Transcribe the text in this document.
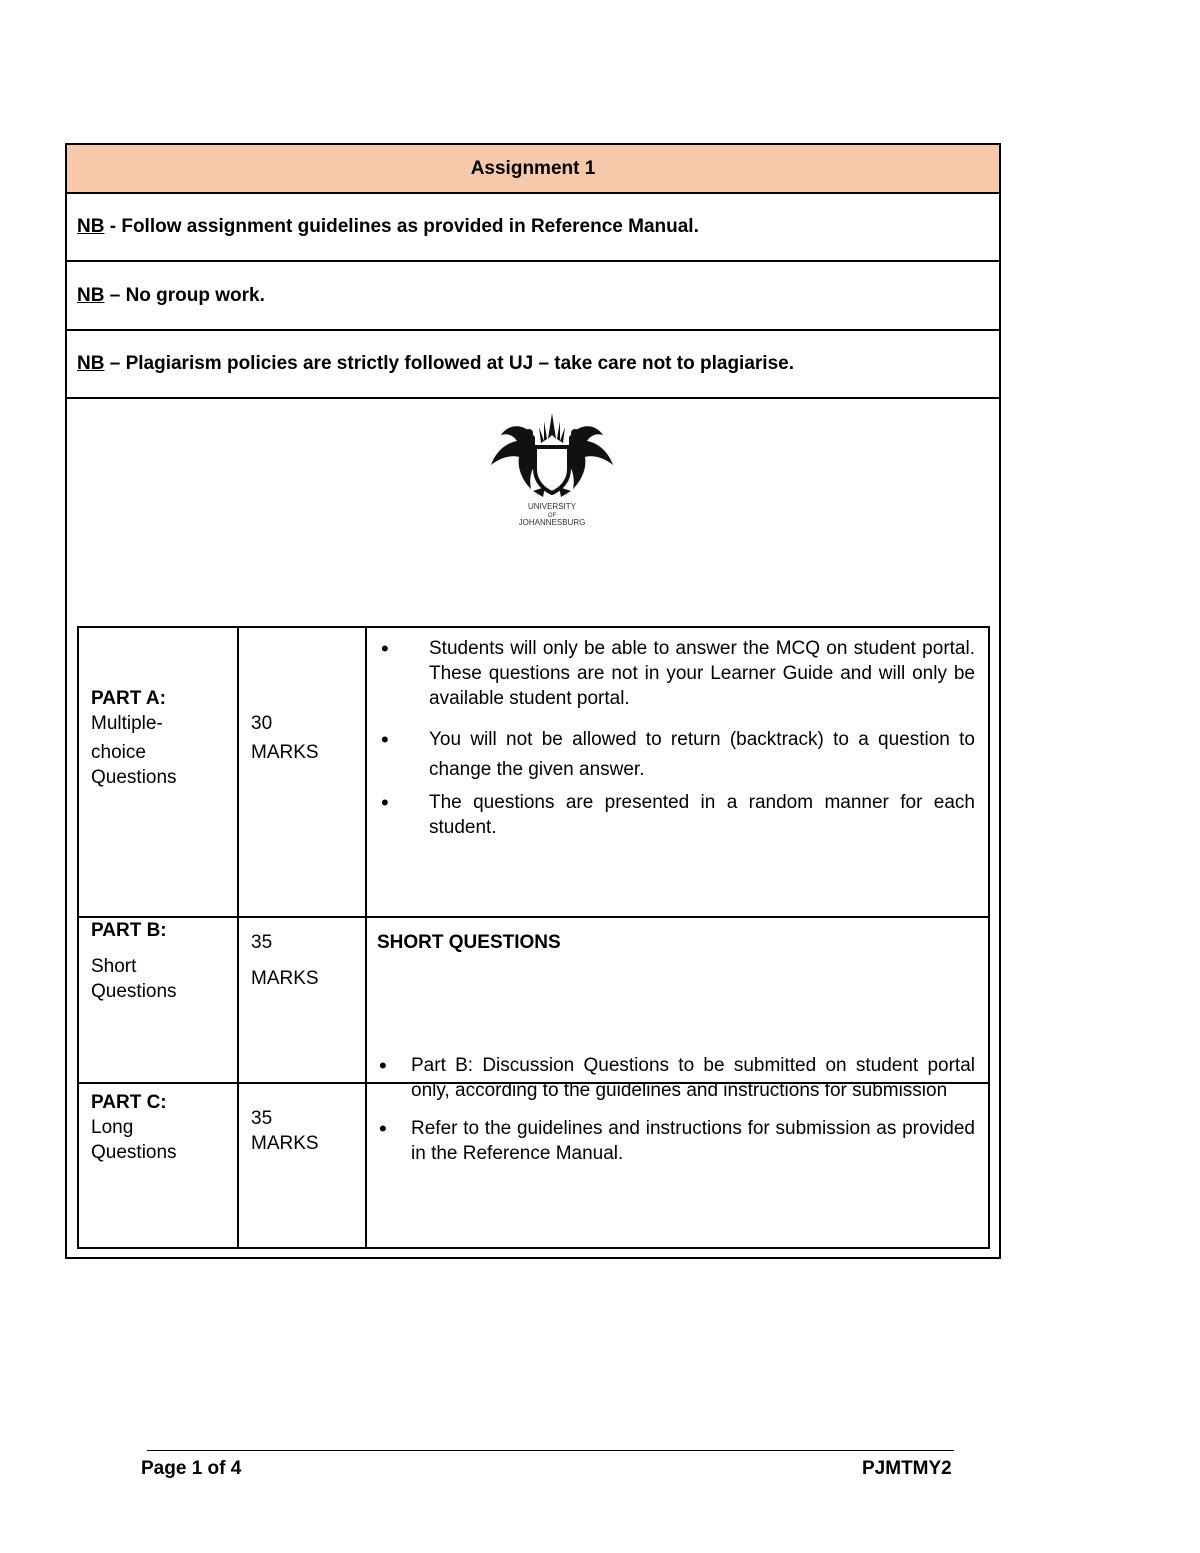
Assignment 1
NB - Follow assignment guidelines as provided in Reference Manual.
NB – No group work.
NB – Plagiarism policies are strictly followed at UJ – take care not to plagiarise.
UNIVERSITY
OF
JOHANNESBURG
PART A:
Multiple-
choice
Questions
30
MARKS
• Students will only be able to answer the MCQ on student portal. These questions are not in your Learner Guide and will only be available student portal.
• You will not be allowed to return (backtrack) to a question to change the given answer.
• The questions are presented in a random manner for each student.
PART B:
Short
Questions
35
MARKS
SHORT QUESTIONS
PART C:
Long
Questions
35
MARKS
• Part B: Discussion Questions to be submitted on student portal only, according to the guidelines and instructions for submission
• Refer to the guidelines and instructions for submission as provided in the Reference Manual.
Page 1 of 4	PJMTMY2
